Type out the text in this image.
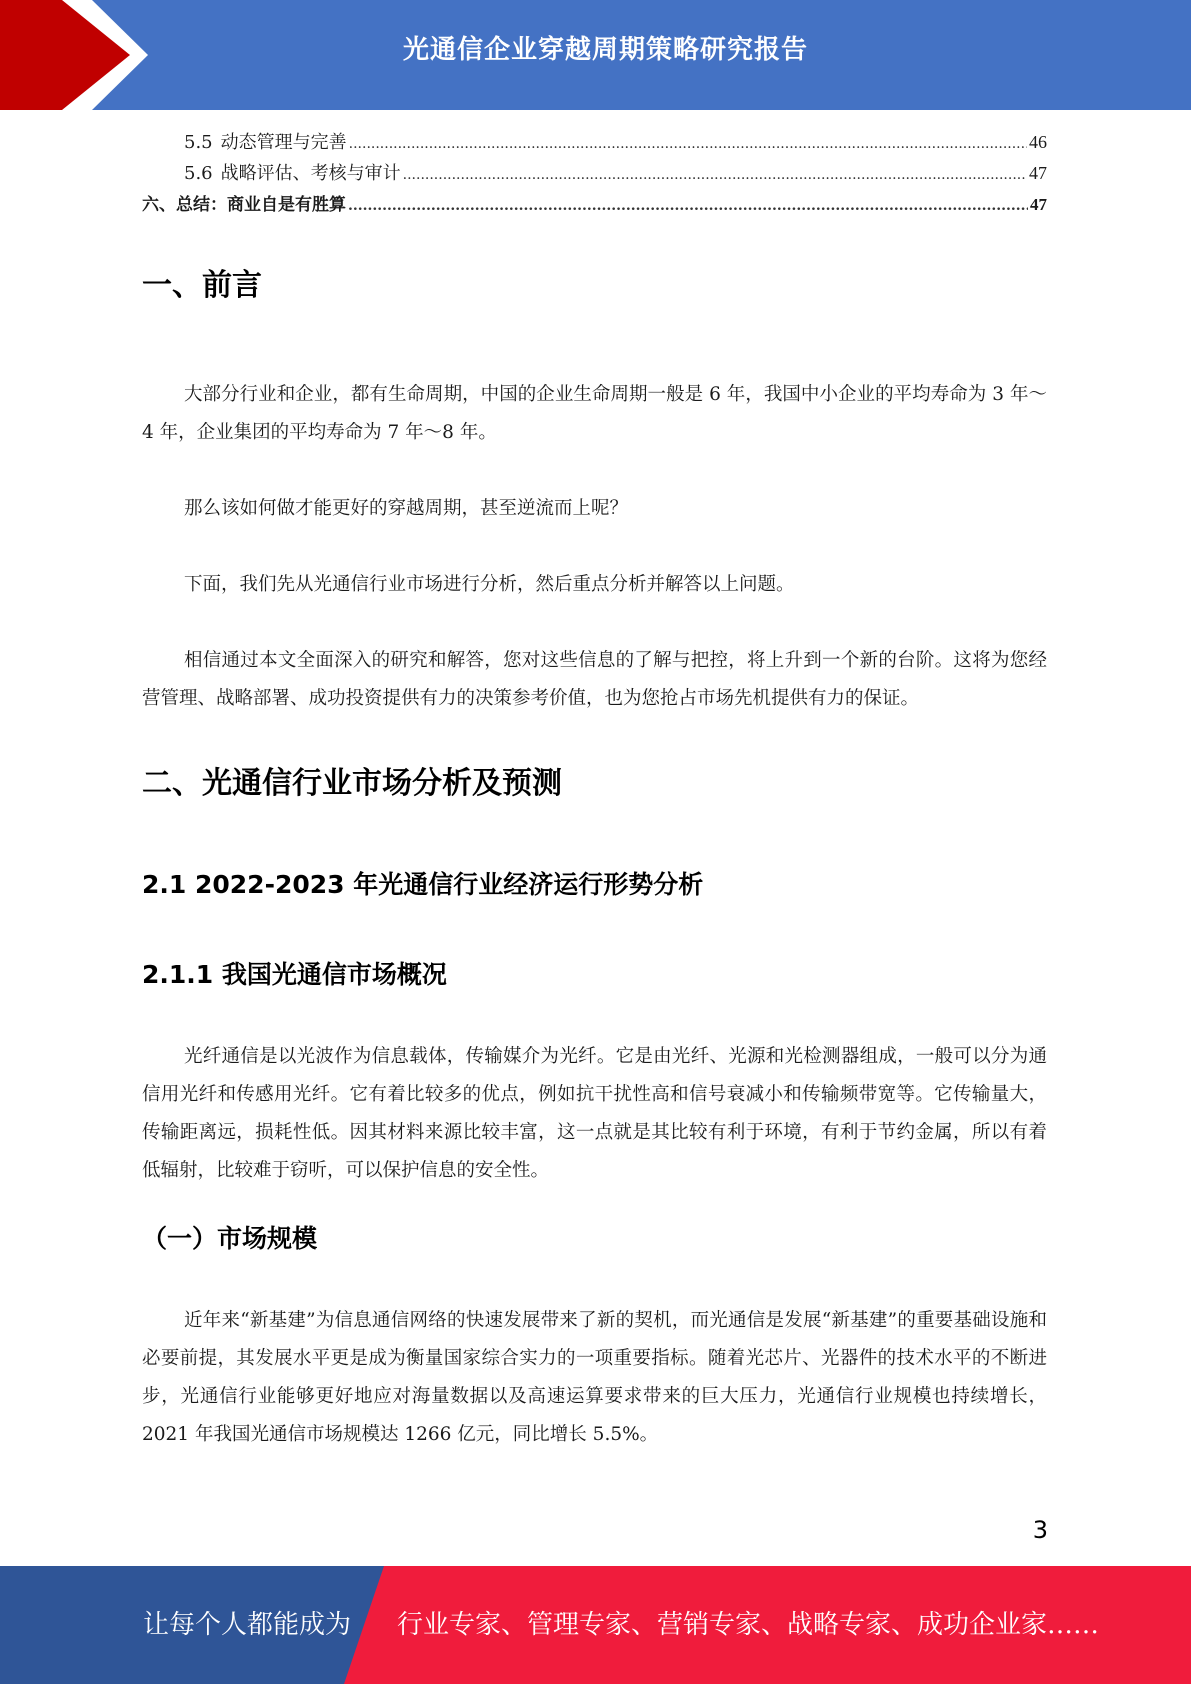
光通信企业穿越周期策略研究报告
5.5 动态管理与完善 .....	46
5.6 战略评估、考核与审计 .....	47
六、总结：商业自是有胜算 .....	47
一、前言

大部分行业和企业，都有生命周期，中国的企业生命周期一般是 6 年，我国中小企业的平均寿命为 3 年～4 年，企业集团的平均寿命为 7 年～8 年。

那么该如何做才能更好的穿越周期，甚至逆流而上呢？

下面，我们先从光通信行业市场进行分析，然后重点分析并解答以上问题。

相信通过本文全面深入的研究和解答，您对这些信息的了解与把控，将上升到一个新的台阶。这将为您经营管理、战略部署、成功投资提供有力的决策参考价值，也为您抢占市场先机提供有力的保证。

二、光通信行业市场分析及预测
2.1 2022-2023 年光通信行业经济运行形势分析
2.1.1 我国光通信市场概况

光纤通信是以光波作为信息载体，传输媒介为光纤。它是由光纤、光源和光检测器组成，一般可以分为通信用光纤和传感用光纤。它有着比较多的优点，例如抗干扰性高和信号衰减小和传输频带宽等。它传输量大，传输距离远，损耗性低。因其材料来源比较丰富，这一点就是其比较有利于环境，有利于节约金属，所以有着低辐射，比较难于窃听，可以保护信息的安全性。

（一）市场规模

近年来“新基建”为信息通信网络的快速发展带来了新的契机，而光通信是发展“新基建”的重要基础设施和必要前提，其发展水平更是成为衡量国家综合实力的一项重要指标。随着光芯片、光器件的技术水平的不断进步，光通信行业能够更好地应对海量数据以及高速运算要求带来的巨大压力，光通信行业规模也持续增长，2021 年我国光通信市场规模达 1266 亿元，同比增长 5.5%。

3
让每个人都能成为 行业专家、管理专家、营销专家、战略专家、成功企业家……
